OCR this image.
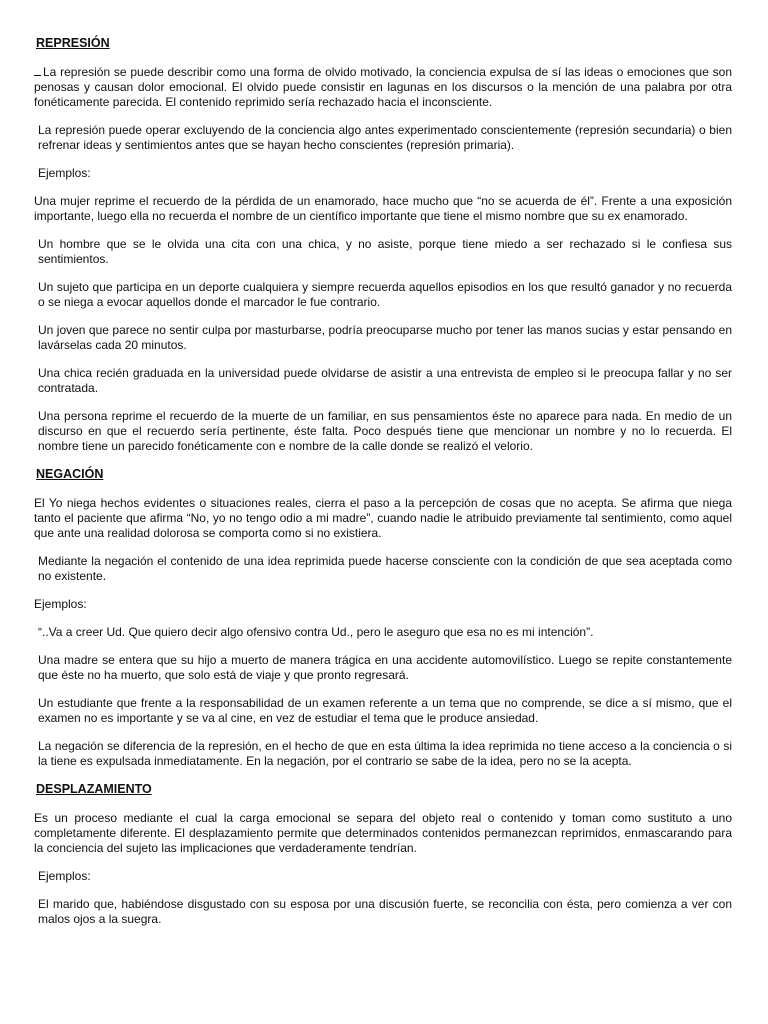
REPRESIÓN

La represión se puede describir como una forma de olvido motivado, la conciencia expulsa de sí las ideas o emociones que son penosas y causan dolor emocional. El olvido puede consistir en lagunas en los discursos o la mención de una palabra por otra fonéticamente parecida. El contenido reprimido sería rechazado hacia el inconsciente.

La represión puede operar excluyendo de la conciencia algo antes experimentado conscientemente (represión secundaria) o bien refrenar ideas y sentimientos antes que se hayan hecho conscientes (represión primaria).

Ejemplos:

Una mujer reprime el recuerdo de la pérdida de un enamorado, hace mucho que “no se acuerda de él”. Frente a una exposición importante, luego ella no recuerda el nombre de un científico importante que tiene el mismo nombre que su ex enamorado.

Un hombre que se le olvida una cita con una chica, y no asiste, porque tiene miedo a ser rechazado si le confiesa sus sentimientos.

Un sujeto que participa en un deporte cualquiera y siempre recuerda aquellos episodios en los que resultó ganador y no recuerda o se niega a evocar aquellos donde el marcador le fue contrario.

Un joven que parece no sentir culpa por masturbarse, podría preocuparse mucho por tener las manos sucias y estar pensando en lavárselas cada 20 minutos.

Una chica recién graduada en la universidad puede olvidarse de asistir a una entrevista de empleo si le preocupa fallar y no ser contratada.

Una persona reprime el recuerdo de la muerte de un familiar, en sus pensamientos éste no aparece para nada. En medio de un discurso en que el recuerdo sería pertinente, éste falta. Poco después tiene que mencionar un nombre y no lo recuerda. El nombre tiene un parecido fonéticamente con e nombre de la calle donde se realizó el velorio.

NEGACIÓN

El Yo niega hechos evidentes o situaciones reales, cierra el paso a la percepción de cosas que no acepta. Se afirma que niega tanto el paciente que afirma “No, yo no tengo odio a mi madre”, cuando nadie le atribuido previamente tal sentimiento, como aquel que ante una realidad dolorosa se comporta como si no existiera.

Mediante la negación el contenido de una idea reprimida puede hacerse consciente con la condición de que sea aceptada como no existente.

Ejemplos:

“..Va a creer Ud. Que quiero decir algo ofensivo contra Ud., pero le aseguro que esa no es mi intención”.

Una madre se entera que su hijo a muerto de manera trágica en una accidente automovilístico. Luego se repite constantemente que éste no ha muerto, que solo está de viaje y que pronto regresará.

Un estudiante que frente a la responsabilidad de un examen referente a un tema que no comprende, se dice a sí mismo, que el examen no es importante y se va al cine, en vez de estudiar el tema que le produce ansiedad.

La negación se diferencia de la represión, en el hecho de que en esta última la idea reprimida no tiene acceso a la conciencia o si la tiene es expulsada inmediatamente. En la negación, por el contrario se sabe de la idea, pero no se la acepta.

DESPLAZAMIENTO

Es un proceso mediante el cual la carga emocional se separa del objeto real o contenido y toman como sustituto a uno completamente diferente. El desplazamiento permite que determinados contenidos permanezcan reprimidos, enmascarando para la conciencia del sujeto las implicaciones que verdaderamente tendrían.

Ejemplos:

El marido que, habiéndose disgustado con su esposa por una discusión fuerte, se reconcilia con ésta, pero comienza a ver con malos ojos a la suegra.
